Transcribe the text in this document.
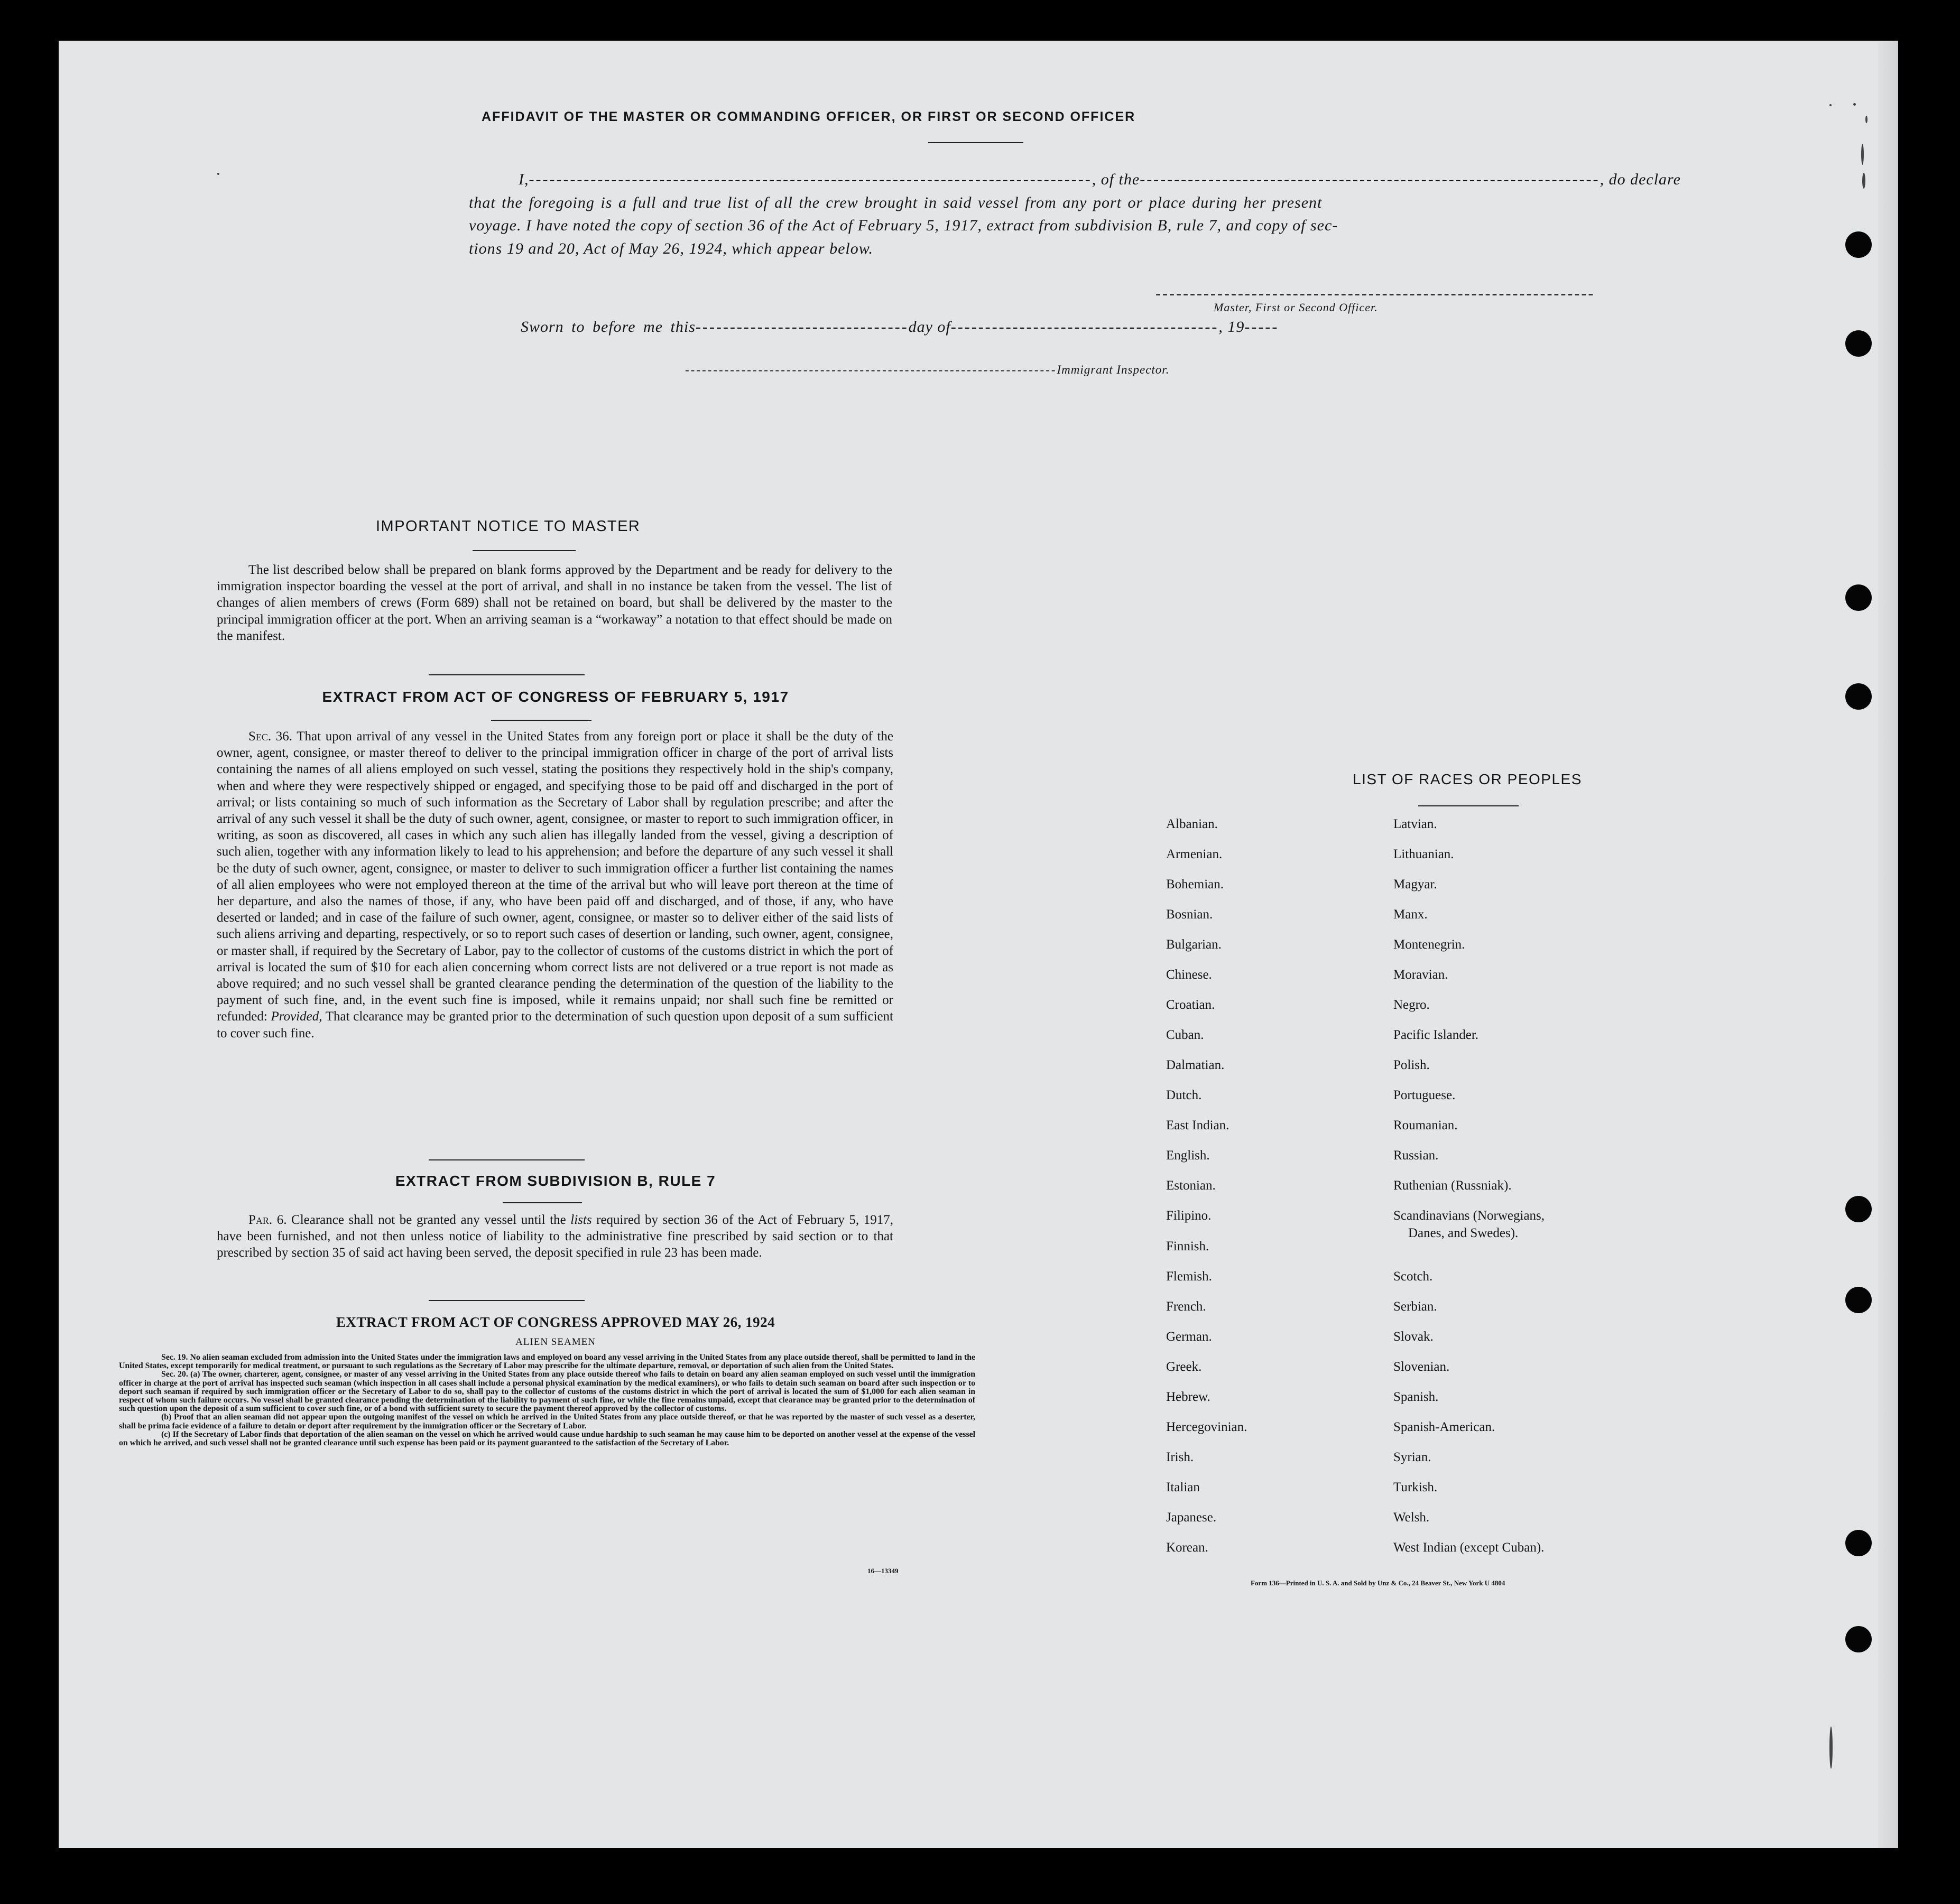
AFFIDAVIT OF THE MASTER OR COMMANDING OFFICER, OR FIRST OR SECOND OFFICER
I,----------------------------------------------------------------------------------, of the-------------------------------------------------------------------, do declare
that the foregoing is a full and true list of all the crew brought in said vessel from any port or place during her present
voyage. I have noted the copy of section 36 of the Act of February 5, 1917, extract from subdivision B, rule 7, and copy of sec-
tions 19 and 20, Act of May 26, 1924, which appear below.
----------------------------------------------------------------
Master, First or Second Officer.
Sworn to before me this-------------------------------day of---------------------------------------, 19-----
------------------------------------------------------------------Immigrant Inspector.
IMPORTANT NOTICE TO MASTER
The list described below shall be prepared on blank forms approved by the Department and be ready for delivery to the immigration inspector boarding the vessel at the port of arrival, and shall in no instance be taken from the vessel. The list of changes of alien members of crews (Form 689) shall not be retained on board, but shall be delivered by the master to the principal immigration officer at the port. When an arriving seaman is a “workaway” a notation to that effect should be made on the manifest.
EXTRACT FROM ACT OF CONGRESS OF FEBRUARY 5, 1917
Sec. 36. That upon arrival of any vessel in the United States from any foreign port or place it shall be the duty of the owner, agent, consignee, or master thereof to deliver to the principal immigration officer in charge of the port of arrival lists containing the names of all aliens employed on such vessel, stating the positions they respectively hold in the ship's company, when and where they were respectively shipped or engaged, and specifying those to be paid off and discharged in the port of arrival; or lists containing so much of such information as the Secretary of Labor shall by regulation prescribe; and after the arrival of any such vessel it shall be the duty of such owner, agent, consignee, or master to report to such immigration officer, in writing, as soon as discovered, all cases in which any such alien has illegally landed from the vessel, giving a description of such alien, together with any information likely to lead to his apprehension; and before the departure of any such vessel it shall be the duty of such owner, agent, consignee, or master to deliver to such immigration officer a further list containing the names of all alien employees who were not employed thereon at the time of the arrival but who will leave port thereon at the time of her departure, and also the names of those, if any, who have been paid off and discharged, and of those, if any, who have deserted or landed; and in case of the failure of such owner, agent, consignee, or master so to deliver either of the said lists of such aliens arriving and departing, respectively, or so to report such cases of desertion or landing, such owner, agent, consignee, or master shall, if required by the Secretary of Labor, pay to the collector of customs of the customs district in which the port of arrival is located the sum of $10 for each alien concerning whom correct lists are not delivered or a true report is not made as above required; and no such vessel shall be granted clearance pending the determination of the question of the liability to the payment of such fine, and, in the event such fine is imposed, while it remains unpaid; nor shall such fine be remitted or refunded: Provided, That clearance may be granted prior to the determination of such question upon deposit of a sum sufficient to cover such fine.
EXTRACT FROM SUBDIVISION B, RULE 7
Par. 6. Clearance shall not be granted any vessel until the lists required by section 36 of the Act of February 5, 1917, have been furnished, and not then unless notice of liability to the administrative fine prescribed by said section or to that prescribed by section 35 of said act having been served, the deposit specified in rule 23 has been made.
EXTRACT FROM ACT OF CONGRESS APPROVED MAY 26, 1924
ALIEN SEAMEN
Sec. 19. No alien seaman excluded from admission into the United States under the immigration laws and employed on board any vessel arriving in the United States from any place outside thereof, shall be permitted to land in the United States, except temporarily for medical treatment, or pursuant to such regulations as the Secretary of Labor may prescribe for the ultimate departure, removal, or deportation of such alien from the United States.
Sec. 20. (a) The owner, charterer, agent, consignee, or master of any vessel arriving in the United States from any place outside thereof who fails to detain on board any alien seaman employed on such vessel until the immigration officer in charge at the port of arrival has inspected such seaman (which inspection in all cases shall include a personal physical examination by the medical examiners), or who fails to detain such seaman on board after such inspection or to deport such seaman if required by such immigration officer or the Secretary of Labor to do so, shall pay to the collector of customs of the customs district in which the port of arrival is located the sum of $1,000 for each alien seaman in respect of whom such failure occurs. No vessel shall be granted clearance pending the determination of the liability to payment of such fine, or while the fine remains unpaid, except that clearance may be granted prior to the determination of such question upon the deposit of a sum sufficient to cover such fine, or of a bond with sufficient surety to secure the payment thereof approved by the collector of customs.
(b) Proof that an alien seaman did not appear upon the outgoing manifest of the vessel on which he arrived in the United States from any place outside thereof, or that he was reported by the master of such vessel as a deserter, shall be prima facie evidence of a failure to detain or deport after requirement by the immigration officer or the Secretary of Labor.
(c) If the Secretary of Labor finds that deportation of the alien seaman on the vessel on which he arrived would cause undue hardship to such seaman he may cause him to be deported on another vessel at the expense of the vessel on which he arrived, and such vessel shall not be granted clearance until such expense has been paid or its payment guaranteed to the satisfaction of the Secretary of Labor.
16—13349
LIST OF RACES OR PEOPLES
Albanian.
Armenian.
Bohemian.
Bosnian.
Bulgarian.
Chinese.
Croatian.
Cuban.
Dalmatian.
Dutch.
East Indian.
English.
Estonian.
Filipino.
Finnish.
Flemish.
French.
German.
Greek.
Hebrew.
Hercegovinian.
Irish.
Italian
Japanese.
Korean.
Latvian.
Lithuanian.
Magyar.
Manx.
Montenegrin.
Moravian.
Negro.
Pacific Islander.
Polish.
Portuguese.
Roumanian.
Russian.
Ruthenian (Russniak).
Scandinavians (Norwegians,
Danes, and Swedes).
Scotch.
Serbian.
Slovak.
Slovenian.
Spanish.
Spanish-American.
Syrian.
Turkish.
Welsh.
West Indian (except Cuban).
Form 136—Printed in U. S. A. and Sold by Unz & Co., 24 Beaver St., New York U 4804
